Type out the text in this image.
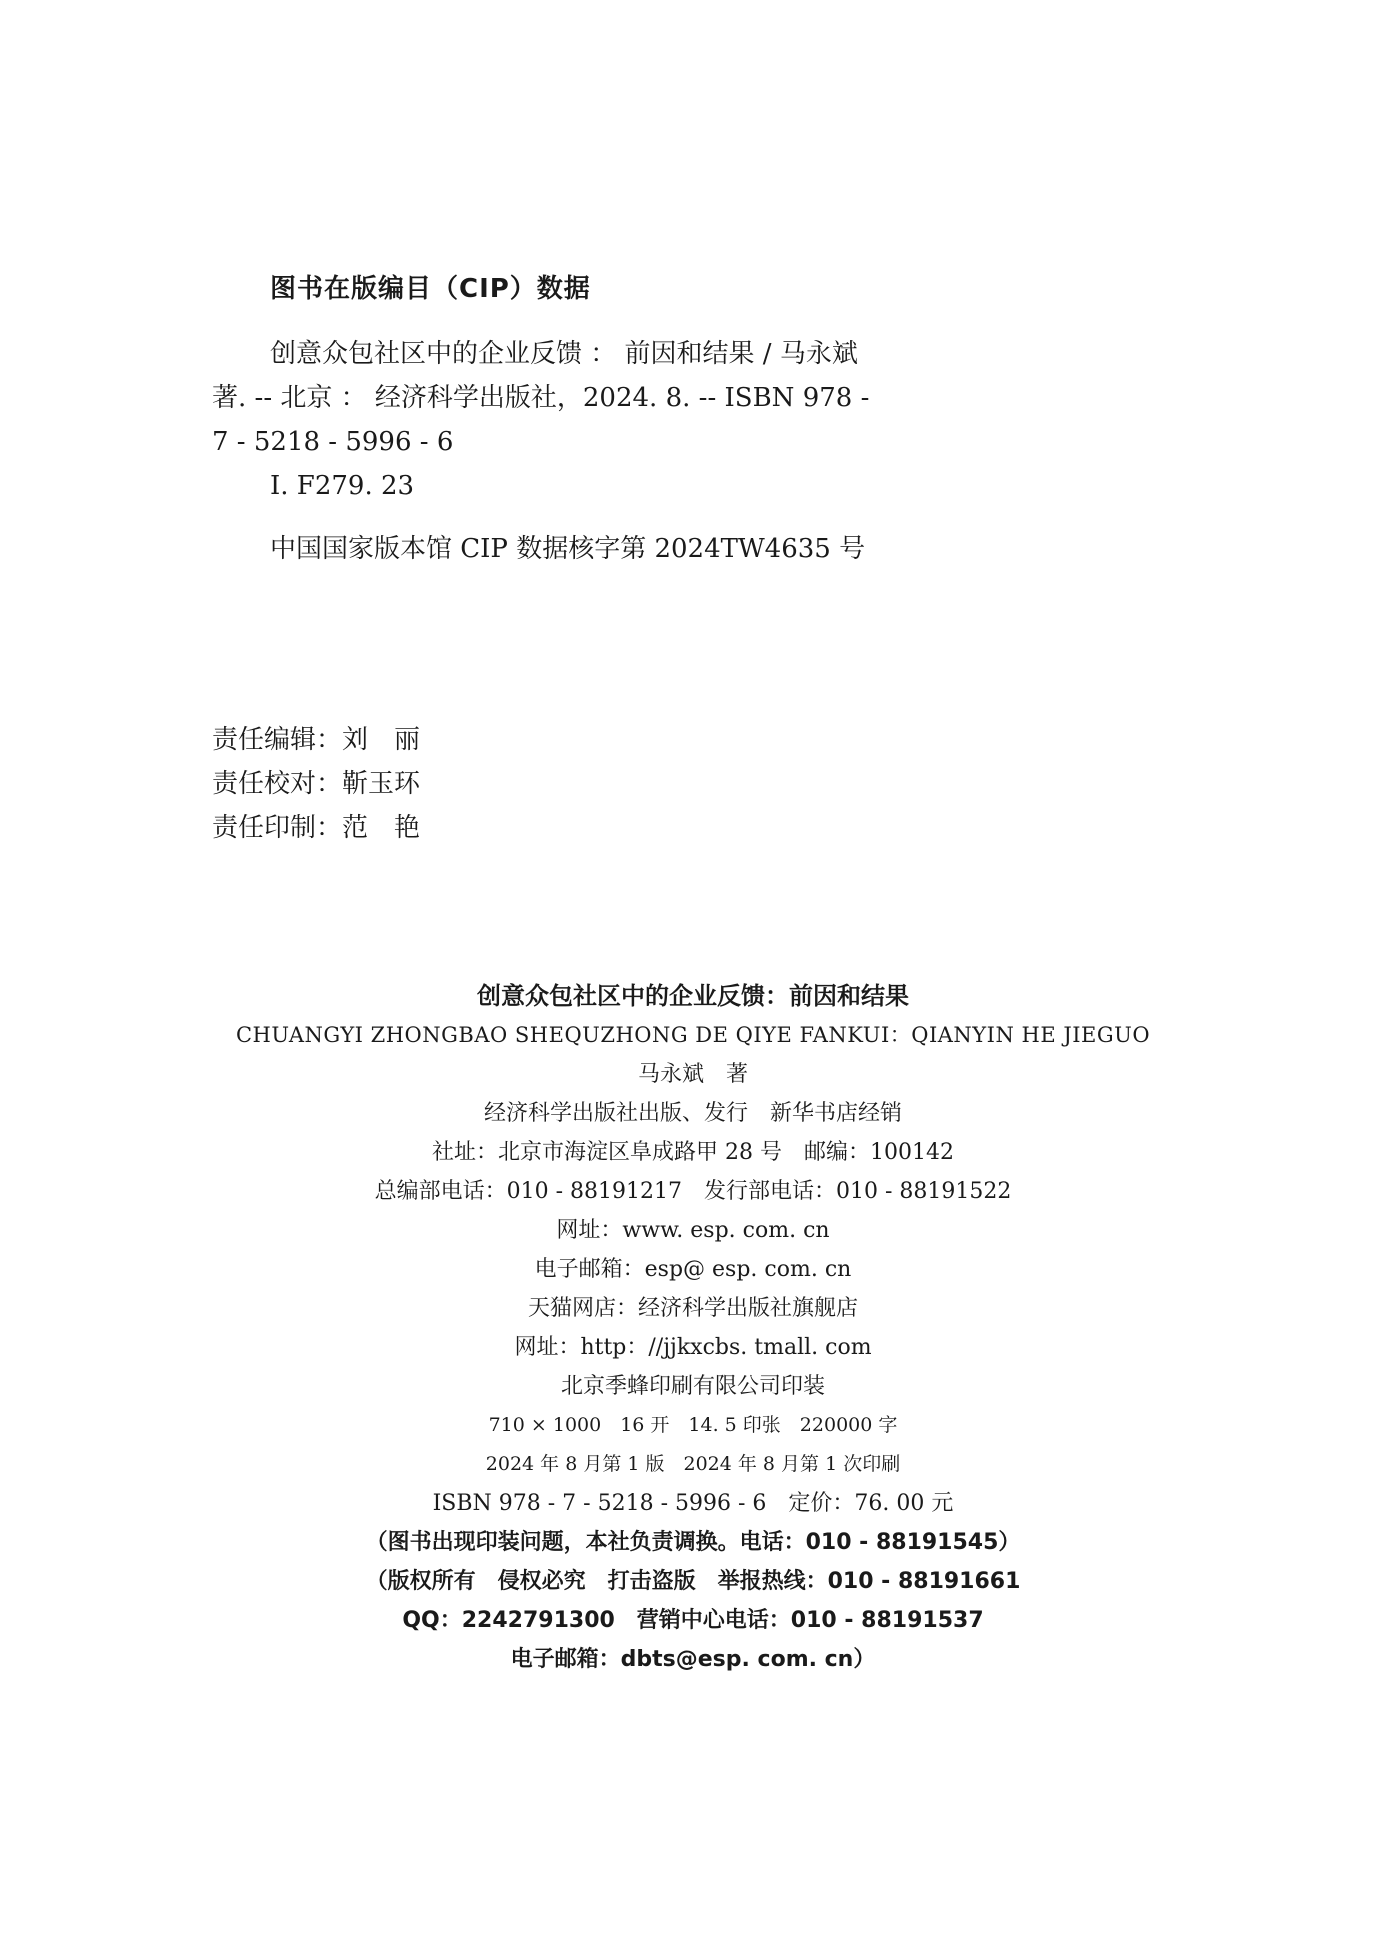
图书在版编目（CIP）数据
创意众包社区中的企业反馈 ： 前因和结果 / 马永斌
著. -- 北京 ： 经济科学出版社，2024. 8. -- ISBN 978 -
7 - 5218 - 5996 - 6
Ⅰ. F279. 23
中国国家版本馆 CIP 数据核字第 2024TW4635 号
责任编辑：刘　丽
责任校对：靳玉环
责任印制：范　艳
创意众包社区中的企业反馈：前因和结果
CHUANGYI ZHONGBAO SHEQUZHONG DE QIYE FANKUI：QIANYIN HE JIEGUO
马永斌　著
经济科学出版社出版、发行　新华书店经销
社址：北京市海淀区阜成路甲 28 号　邮编：100142
总编部电话：010 - 88191217　发行部电话：010 - 88191522
网址：www. esp. com. cn
电子邮箱：esp@ esp. com. cn
天猫网店：经济科学出版社旗舰店
网址：http：//jjkxcbs. tmall. com
北京季蜂印刷有限公司印装
710 × 1000　16 开　14. 5 印张　220000 字
2024 年 8 月第 1 版　2024 年 8 月第 1 次印刷
ISBN 978 - 7 - 5218 - 5996 - 6　定价：76. 00 元
（图书出现印装问题，本社负责调换。电话：010 - 88191545）
（版权所有　侵权必究　打击盗版　举报热线：010 - 88191661
QQ：2242791300　营销中心电话：010 - 88191537
电子邮箱：dbts@esp. com. cn）
